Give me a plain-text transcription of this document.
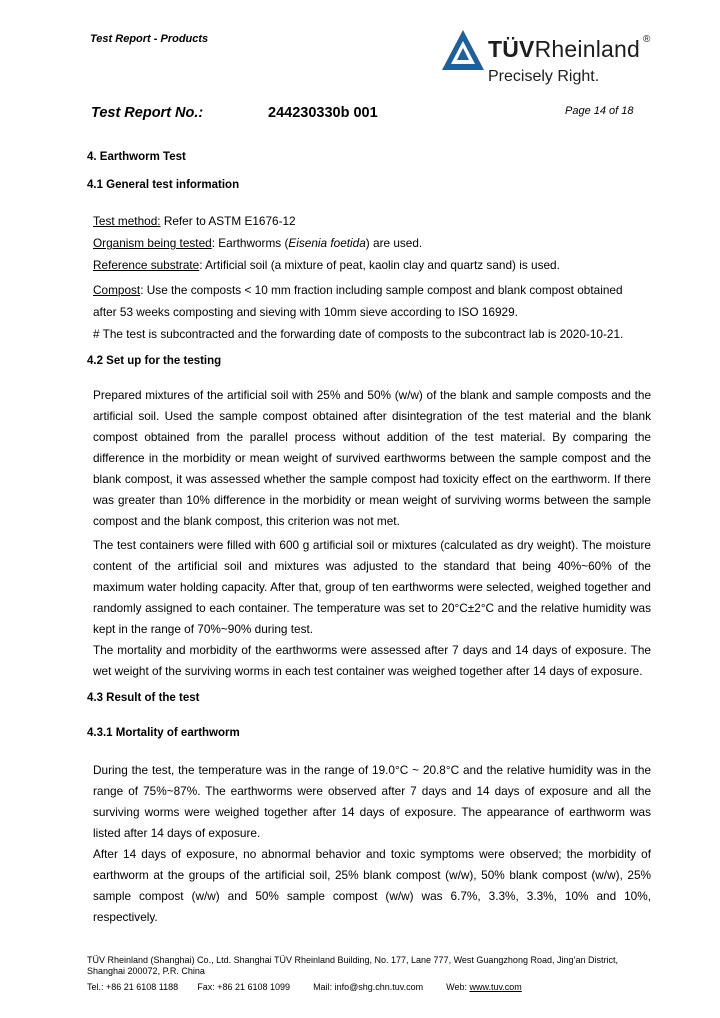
Test Report - Products	TÜVRheinland ®
Precisely Right.
Test Report No.:	244230330b 001	Page 14 of 18
4. Earthworm Test
4.1 General test information
Test method: Refer to ASTM E1676-12
Organism being tested: Earthworms (Eisenia foetida) are used.
Reference substrate: Artificial soil (a mixture of peat, kaolin clay and quartz sand) is used.
Compost: Use the composts < 10 mm fraction including sample compost and blank compost obtained
after 53 weeks composting and sieving with 10mm sieve according to ISO 16929.
# The test is subcontracted and the forwarding date of composts to the subcontract lab is 2020-10-21.
4.2 Set up for the testing

Prepared mixtures of the artificial soil with 25% and 50% (w/w) of the blank and sample composts and the artificial soil. Used the sample compost obtained after disintegration of the test material and the blank compost obtained from the parallel process without addition of the test material. By comparing the difference in the morbidity or mean weight of survived earthworms between the sample compost and the blank compost, it was assessed whether the sample compost had toxicity effect on the earthworm. If there was greater than 10% difference in the morbidity or mean weight of surviving worms between the sample compost and the blank compost, this criterion was not met.

The test containers were filled with 600 g artificial soil or mixtures (calculated as dry weight). The moisture content of the artificial soil and mixtures was adjusted to the standard that being 40%~60% of the maximum water holding capacity. After that, group of ten earthworms were selected, weighed together and randomly assigned to each container. The temperature was set to 20°C±2°C and the relative humidity was kept in the range of 70%~90% during test.

The mortality and morbidity of the earthworms were assessed after 7 days and 14 days of exposure. The wet weight of the surviving worms in each test container was weighed together after 14 days of exposure.

4.3 Result of the test
4.3.1 Mortality of earthworm

During the test, the temperature was in the range of 19.0°C ~ 20.8°C and the relative humidity was in the range of 75%~87%. The earthworms were observed after 7 days and 14 days of exposure and all the surviving worms were weighed together after 14 days of exposure. The appearance of earthworm was listed after 14 days of exposure.

After 14 days of exposure, no abnormal behavior and toxic symptoms were observed; the morbidity of earthworm at the groups of the artificial soil, 25% blank compost (w/w), 50% blank compost (w/w), 25% sample compost (w/w) and 50% sample compost (w/w) was 6.7%, 3.3%, 3.3%, 10% and 10%, respectively.

TÜV Rheinland (Shanghai) Co., Ltd. Shanghai TÜV Rheinland Building, No. 177, Lane 777, West Guangzhong Road, Jing’an District,
Shanghai 200072, P.R. China
Tel.: +86 21 6108 1188 Fax: +86 21 6108 1099	Mail: info@shg.chn.tuv.com	Web: www.tuv.com
